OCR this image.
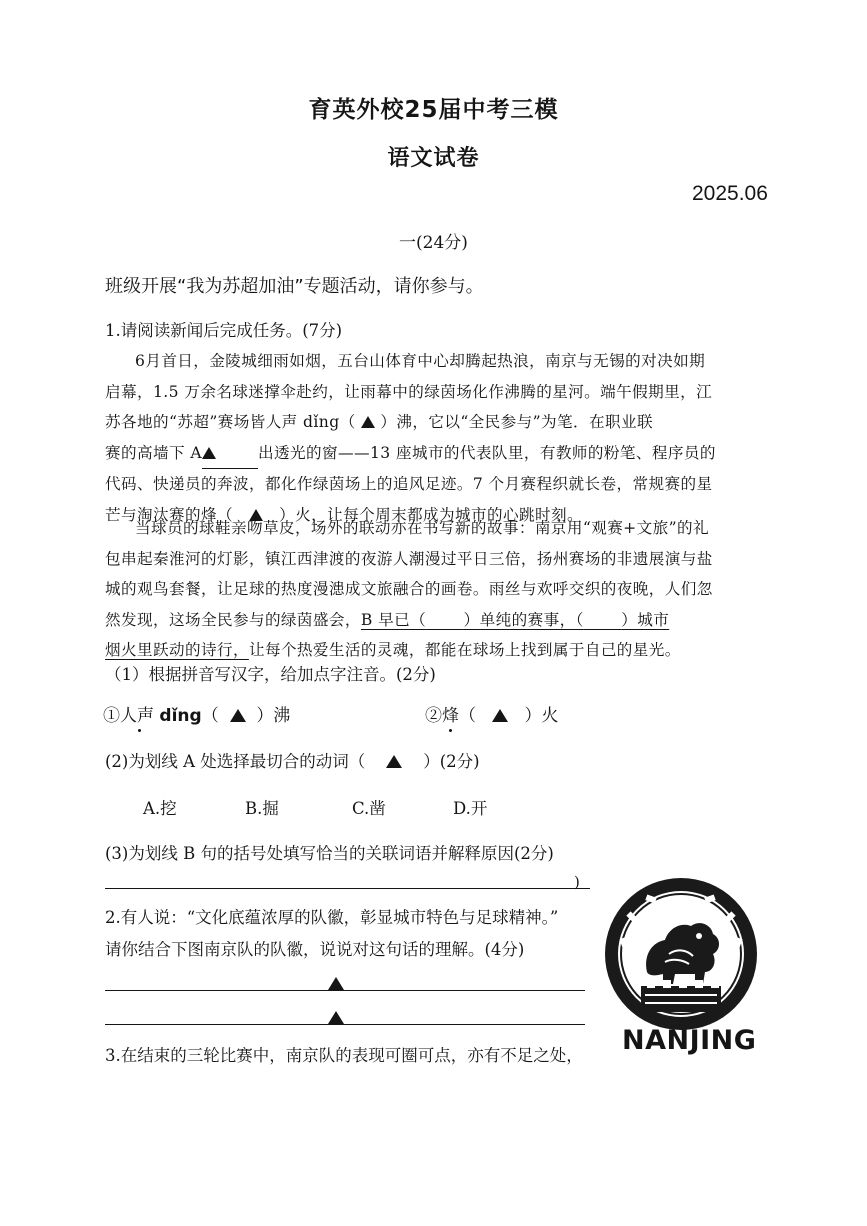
育英外校25届中考三模
语文试卷
2025.06
一(24分)
班级开展“我为苏超加油”专题活动，请你参与。
1.请阅读新闻后完成任务。(7分)
6月首日，金陵城细雨如烟，五台山体育中心却腾起热浪，南京与无锡的对决如期
启幕，1.5 万余名球迷撑伞赴约，让雨幕中的绿茵场化作沸腾的星河。端午假期里，江
苏各地的“苏超”赛场皆人声 dǐng（ ）沸，它以“全民参与”为笔．在职业联
赛的高墙下 A	出透光的窗——13 座城市的代表队里，有教师的粉笔、程序员的
代码、快递员的奔波，都化作绿茵场上的追风足迹。7 个月赛程织就长卷，常规赛的星
芒与淘汰赛的烽（	）火，让每个周末都成为城市的心跳时刻。
当球员的球鞋亲吻草皮，场外的联动亦在书写新的故事：南京用“观赛+文旅”的礼
包串起秦淮河的灯影，镇江西津渡的夜游人潮漫过平日三倍，扬州赛场的非遗展演与盐
城的观鸟套餐，让足球的热度漫漶成文旅融合的画卷。雨丝与欢呼交织的夜晚，人们忽
然发现，这场全民参与的绿茵盛会，B 早已（ ）单纯的赛事，（ ）城市
烟火里跃动的诗行，让每个热爱生活的灵魂，都能在球场上找到属于自己的星光。
（1）根据拼音写汉字，给加点字注音。(2分)
①人声 dǐng（ ）沸	②烽（	）火
(2)为划线 A 处选择最切合的动词（	）(2分)
A.挖	B.掘	C.凿	D.开
(3)为划线 B 句的括号处填写恰当的关联词语并解释原因(2分)
)
2.有人说：“文化底蕴浓厚的队徽，彰显城市特色与足球精神。”
请你结合下图南京队的队徽，说说对这句话的理解。(4分)
3.在结束的三轮比赛中，南京队的表现可圈可点，亦有不足之处， NANJING
